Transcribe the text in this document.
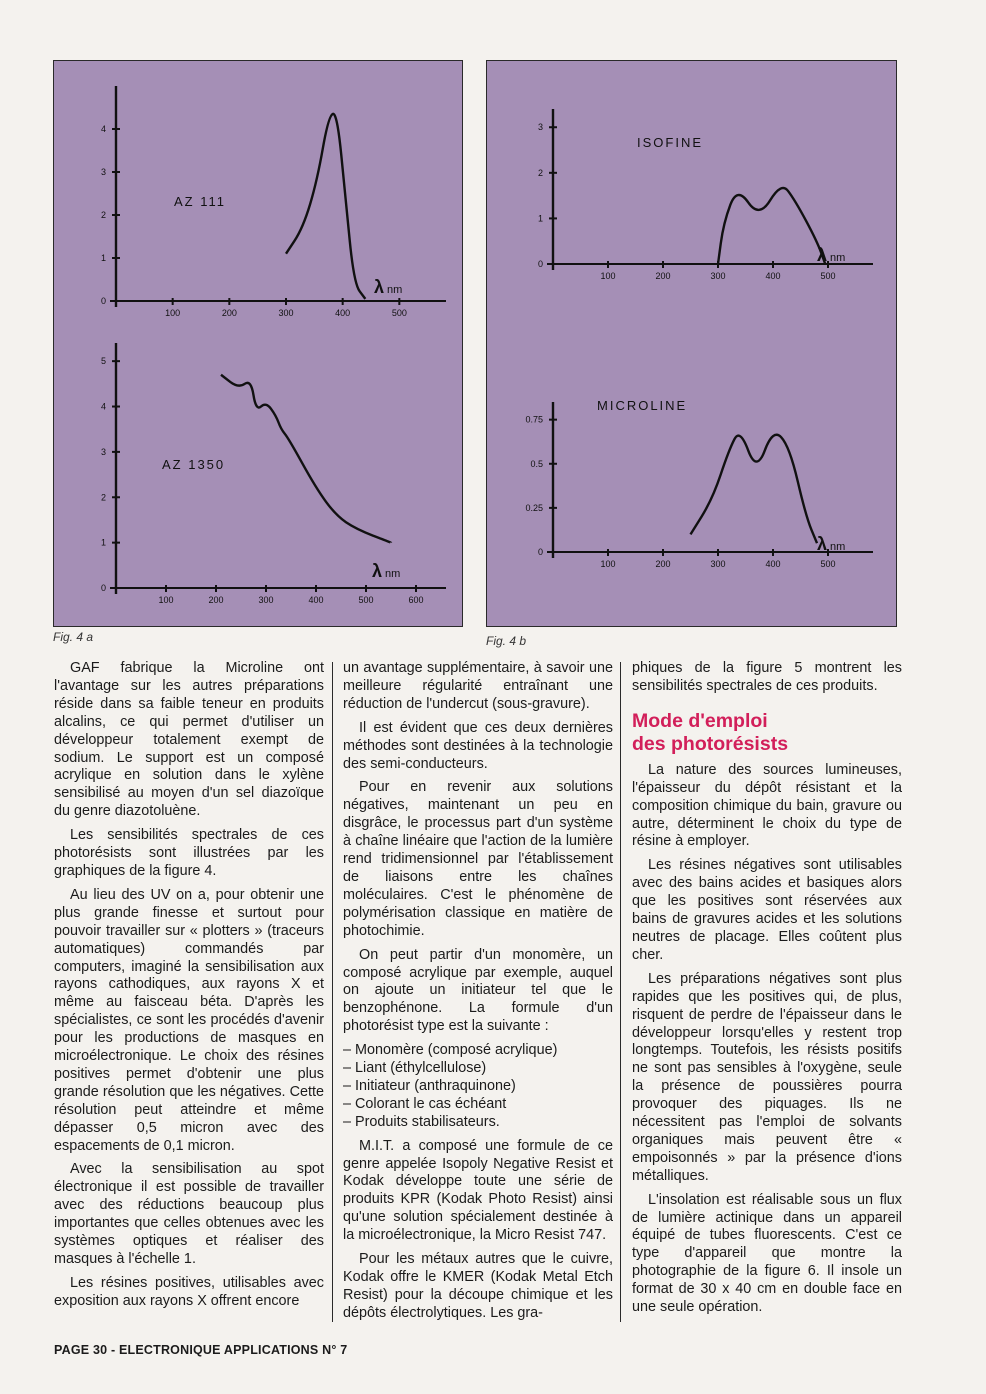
100	200	300	400	500
0
1
2
3
4
AZ 111
λ nm
100	200	300	400	500	600
0
1
2
3
4
5
AZ 1350
λ nm
100	200	300	400	500
0
1
2
3
ISOFINE
λ nm
100	200	300	400	500
0
0.25
0.5
0.75
MICROLINE
λ nm
Fig. 4 a	Fig. 4 b

GAF fabrique la Microline ont l'avantage sur les autres préparations réside dans sa faible teneur en produits alcalins, ce qui permet d'utiliser un développeur totalement exempt de sodium. Le support est un composé acrylique en solution dans le xylène sensibilisé au moyen d'un sel diazoïque du genre diazotoluène.

Les sensibilités spectrales de ces photorésists sont illustrées par les graphiques de la figure 4.

Au lieu des UV on a, pour obtenir une plus grande finesse et surtout pour pouvoir travailler sur « plotters » (traceurs automatiques) commandés par computers, imaginé la sensibilisation aux rayons cathodiques, aux rayons X et même au faisceau béta. D'après les spécialistes, ce sont les procédés d'avenir pour les productions de masques en microélectronique. Le choix des résines positives permet d'obtenir une plus grande résolution que les négatives. Cette résolution peut atteindre et même dépasser 0,5 micron avec des espacements de 0,1 micron.

Avec la sensibilisation au spot électronique il est possible de travailler avec des réductions beaucoup plus importantes que celles obtenues avec les systèmes optiques et réaliser des masques à l'échelle 1.

Les résines positives, utilisables avec exposition aux rayons X offrent encore

un avantage supplémentaire, à savoir une meilleure régularité entraînant une réduction de l'undercut (sous-gravure).

Il est évident que ces deux dernières méthodes sont destinées à la technologie des semi-conducteurs.

Pour en revenir aux solutions négatives, maintenant un peu en disgrâce, le processus part d'un système à chaîne linéaire que l'action de la lumière rend tridimensionnel par l'établissement de liaisons entre les chaînes moléculaires. C'est le phénomène de polymérisation classique en matière de photochimie.

On peut partir d'un monomère, un composé acrylique par exemple, auquel on ajoute un initiateur tel que le benzophénone. La formule d'un photorésist type est la suivante :

– Monomère (composé acrylique)
– Liant (éthylcellulose)
– Initiateur (anthraquinone)
– Colorant le cas échéant
– Produits stabilisateurs.

M.I.T. a composé une formule de ce genre appelée Isopoly Negative Resist et Kodak développe toute une série de produits KPR (Kodak Photo Resist) ainsi qu'une solution spécialement destinée à la microélectronique, la Micro Resist 747.

Pour les métaux autres que le cuivre, Kodak offre le KMER (Kodak Metal Etch Resist) pour la découpe chimique et les dépôts électrolytiques. Les gra-

phiques de la figure 5 montrent les sensibilités spectrales de ces produits.

Mode d'emploi
des photorésists

La nature des sources lumineuses, l'épaisseur du dépôt résistant et la composition chimique du bain, gravure ou autre, déterminent le choix du type de résine à employer.

Les résines négatives sont utilisables avec des bains acides et basiques alors que les positives sont réservées aux bains de gravures acides et les solutions neutres de placage. Elles coûtent plus cher.

Les préparations négatives sont plus rapides que les positives qui, de plus, risquent de perdre de l'épaisseur dans le développeur lorsqu'elles y restent trop longtemps. Toutefois, les résists positifs ne sont pas sensibles à l'oxygène, seule la présence de poussières pourra provoquer des piquages. Ils ne nécessitent pas l'emploi de solvants organiques mais peuvent être « empoisonnés » par la présence d'ions métalliques.

L'insolation est réalisable sous un flux de lumière actinique dans un appareil équipé de tubes fluorescents. C'est ce type d'appareil que montre la photographie de la figure 6. Il insole un format de 30 x 40 cm en double face en une seule opération.

PAGE 30 - ELECTRONIQUE APPLICATIONS N° 7
